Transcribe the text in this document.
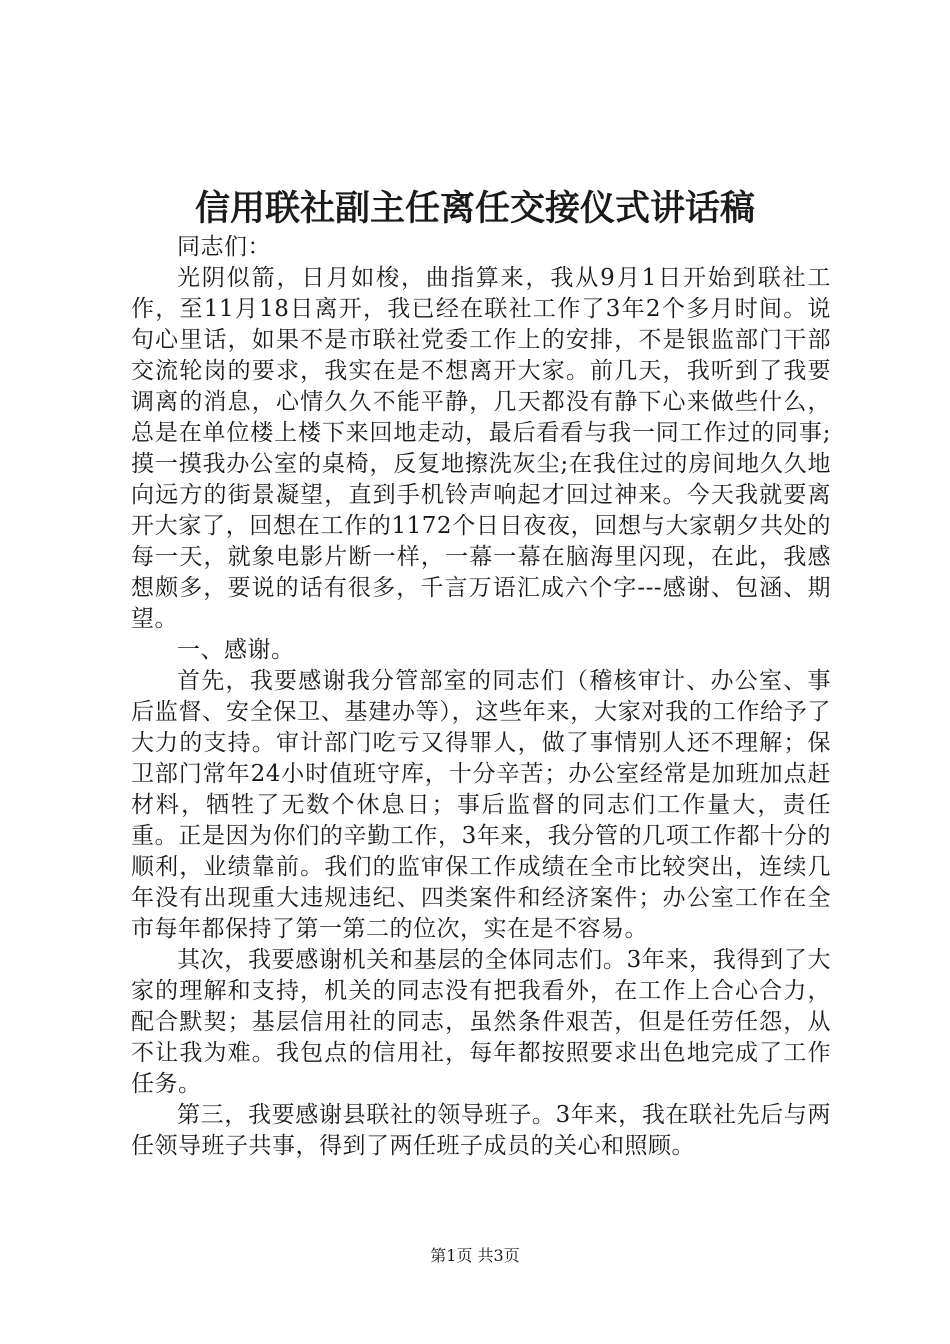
信用联社副主任离任交接仪式讲话稿

同志们：

光阴似箭，日月如梭，曲指算来，我从9月1日开始到联社工作，至11月18日离开，我已经在联社工作了3年2个多月时间。说句心里话，如果不是市联社党委工作上的安排，不是银监部门干部交流轮岗的要求，我实在是不想离开大家。前几天，我听到了我要调离的消息，心情久久不能平静，几天都没有静下心来做些什么，总是在单位楼上楼下来回地走动，最后看看与我一同工作过的同事;摸一摸我办公室的桌椅，反复地擦洗灰尘;在我住过的房间地久久地向远方的街景凝望，直到手机铃声响起才回过神来。今天我就要离开大家了，回想在工作的1172个日日夜夜，回想与大家朝夕共处的每一天，就象电影片断一样，一幕一幕在脑海里闪现，在此，我感想颇多，要说的话有很多，千言万语汇成六个字---感谢、包涵、期望。

一、感谢。

首先，我要感谢我分管部室的同志们（稽核审计、办公室、事后监督、安全保卫、基建办等），这些年来，大家对我的工作给予了大力的支持。审计部门吃亏又得罪人，做了事情别人还不理解；保卫部门常年24小时值班守库，十分辛苦；办公室经常是加班加点赶材料，牺牲了无数个休息日；事后监督的同志们工作量大，责任重。正是因为你们的辛勤工作，3年来，我分管的几项工作都十分的顺利，业绩靠前。我们的监审保工作成绩在全市比较突出，连续几年没有出现重大违规违纪、四类案件和经济案件；办公室工作在全市每年都保持了第一第二的位次，实在是不容易。

其次，我要感谢机关和基层的全体同志们。3年来，我得到了大家的理解和支持，机关的同志没有把我看外，在工作上合心合力，配合默契；基层信用社的同志，虽然条件艰苦，但是任劳任怨，从不让我为难。我包点的信用社，每年都按照要求出色地完成了工作任务。

第三，我要感谢县联社的领导班子。3年来，我在联社先后与两任领导班子共事，得到了两任班子成员的关心和照顾。

第1页 共3页
